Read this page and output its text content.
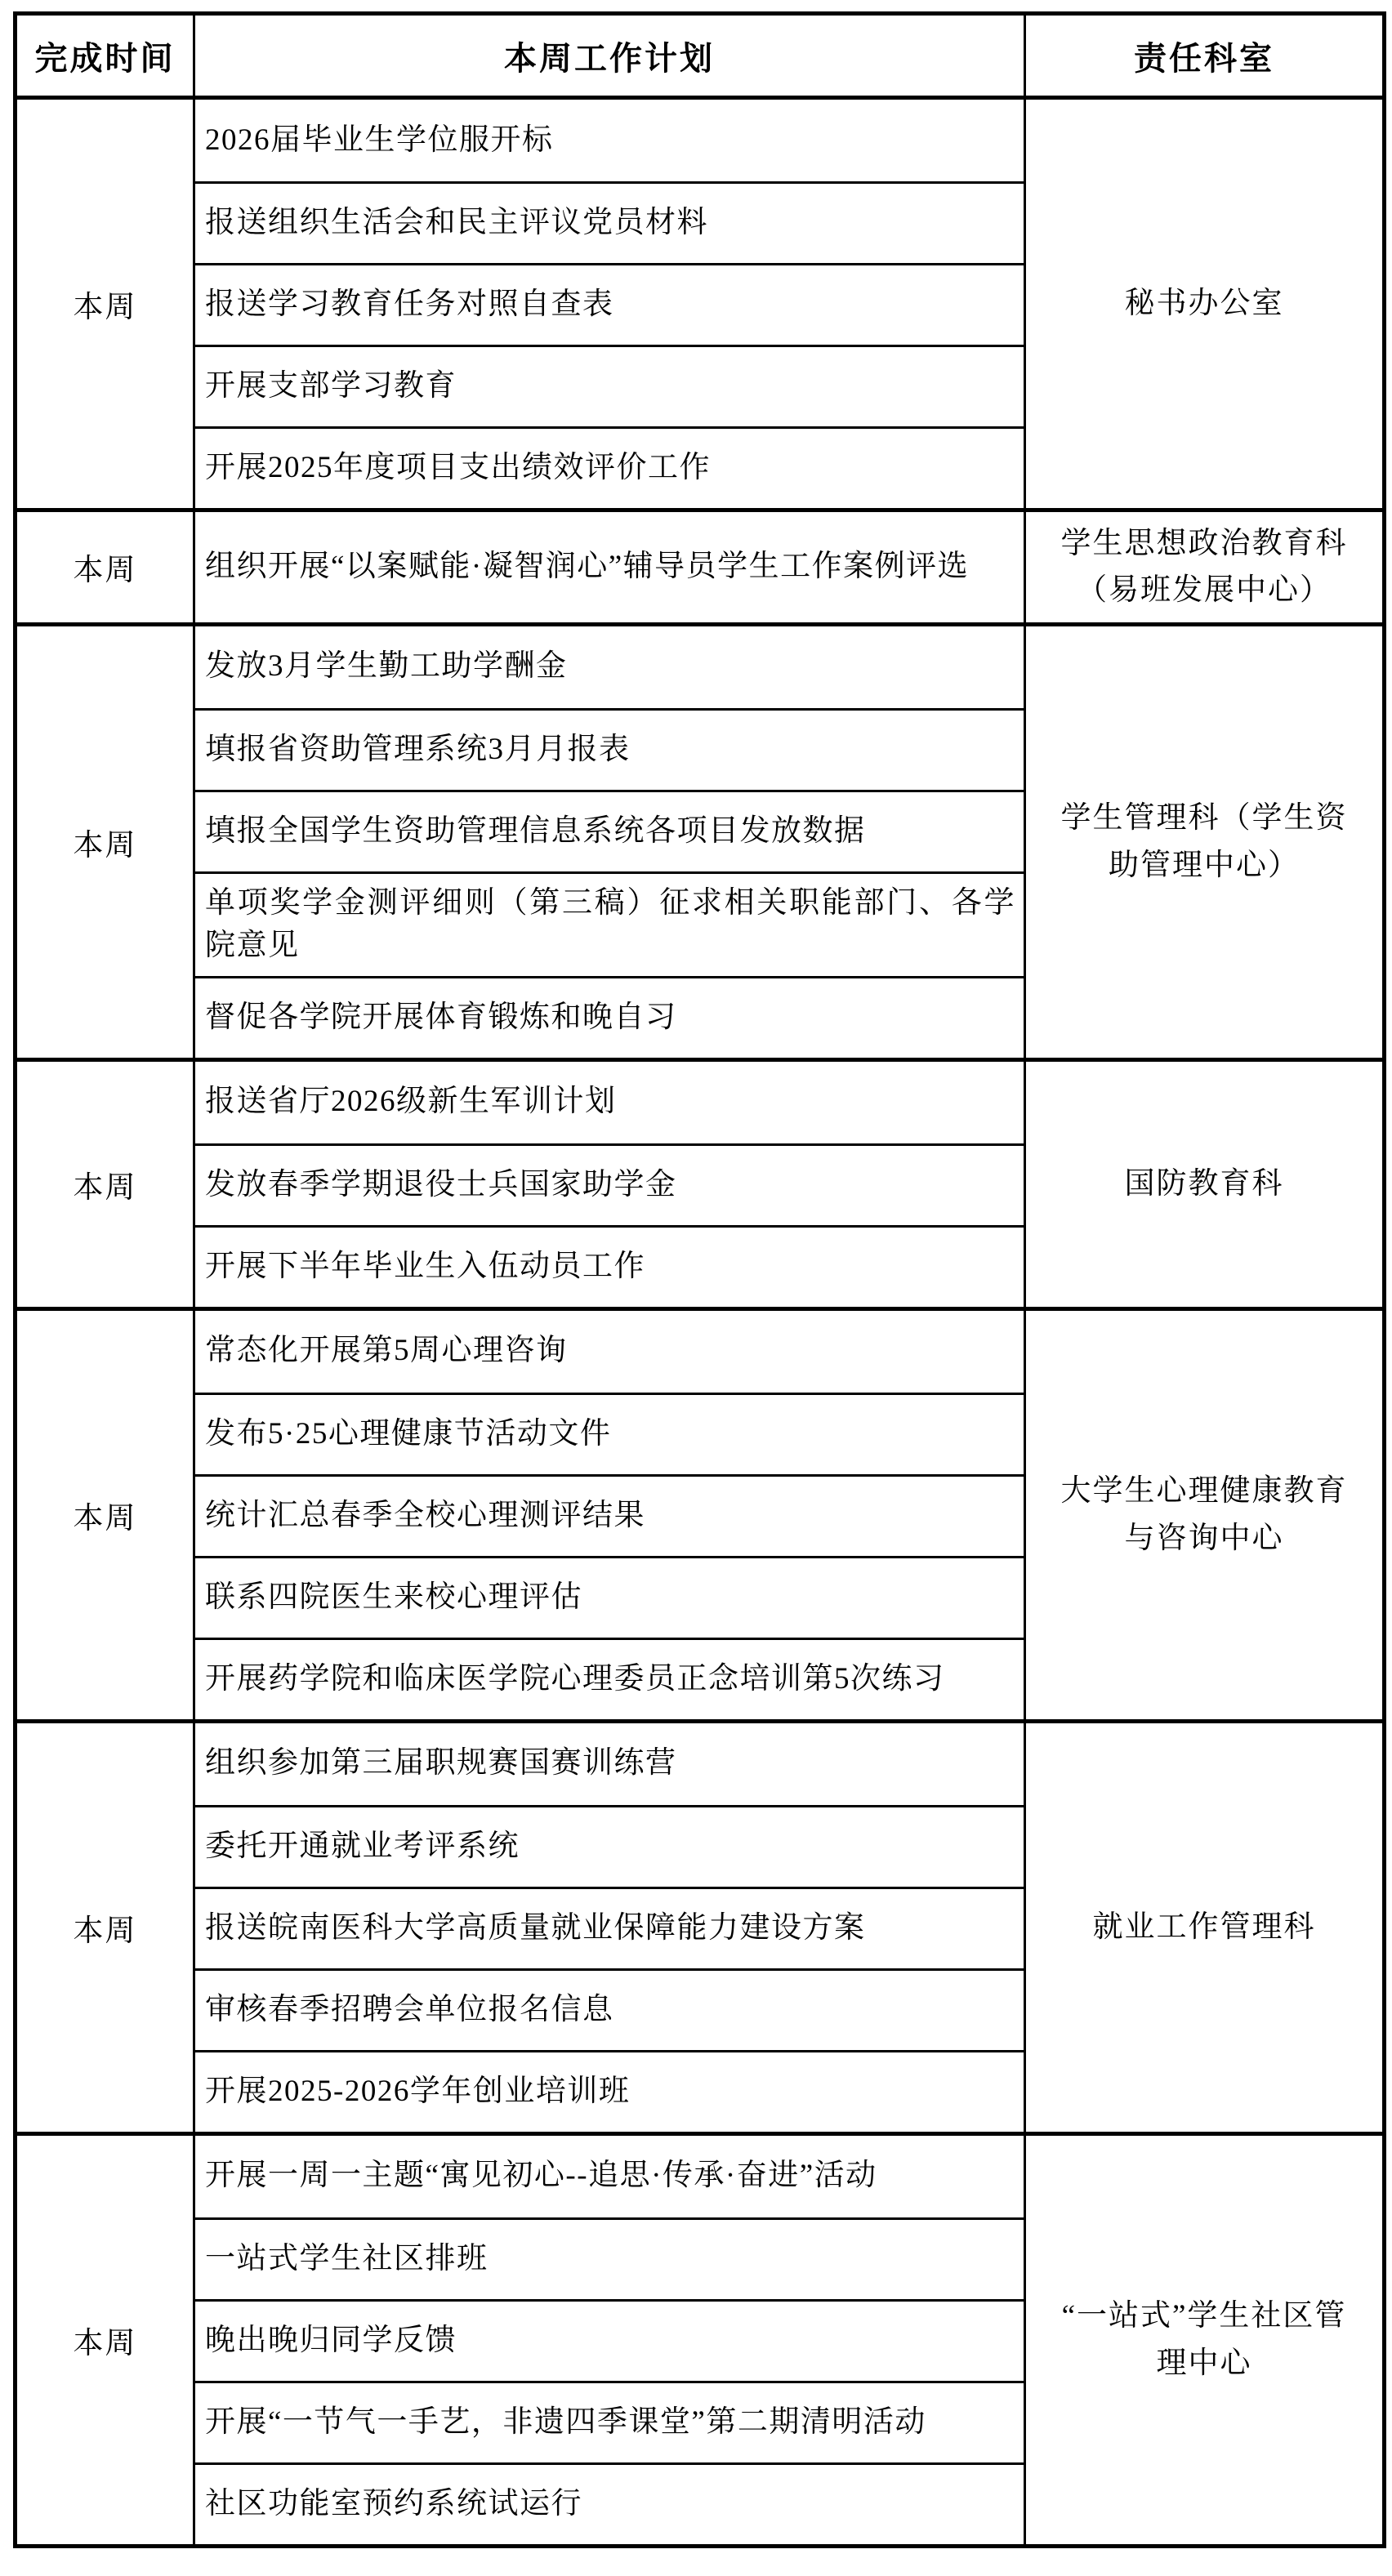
完成时间	本周工作计划	责任科室
本周	2026届毕业生学位服开标
报送组织生活会和民主评议党员材料
报送学习教育任务对照自查表
开展支部学习教育
开展2025年度项目支出绩效评价工作	秘书办公室
本周	组织开展“以案赋能·凝智润心”辅导员学生工作案例评选	学生思想政治教育科（易班发展中心）
本周	发放3月学生勤工助学酬金
填报省资助管理系统3月月报表
填报全国学生资助管理信息系统各项目发放数据
单项奖学金测评细则（第三稿）征求相关职能部门、各学院意见
督促各学院开展体育锻炼和晚自习	学生管理科（学生资助管理中心）
本周	报送省厅2026级新生军训计划
发放春季学期退役士兵国家助学金
开展下半年毕业生入伍动员工作	国防教育科
本周	常态化开展第5周心理咨询
发布5·25心理健康节活动文件
统计汇总春季全校心理测评结果
联系四院医生来校心理评估
开展药学院和临床医学院心理委员正念培训第5次练习	大学生心理健康教育与咨询中心
本周	组织参加第三届职规赛国赛训练营
委托开通就业考评系统
报送皖南医科大学高质量就业保障能力建设方案
审核春季招聘会单位报名信息
开展2025-2026学年创业培训班	就业工作管理科
本周	开展一周一主题“寓见初心--追思·传承·奋进”活动
一站式学生社区排班
晚出晚归同学反馈
开展“一节气一手艺，非遗四季课堂”第二期清明活动
社区功能室预约系统试运行	“一站式”学生社区管理中心
